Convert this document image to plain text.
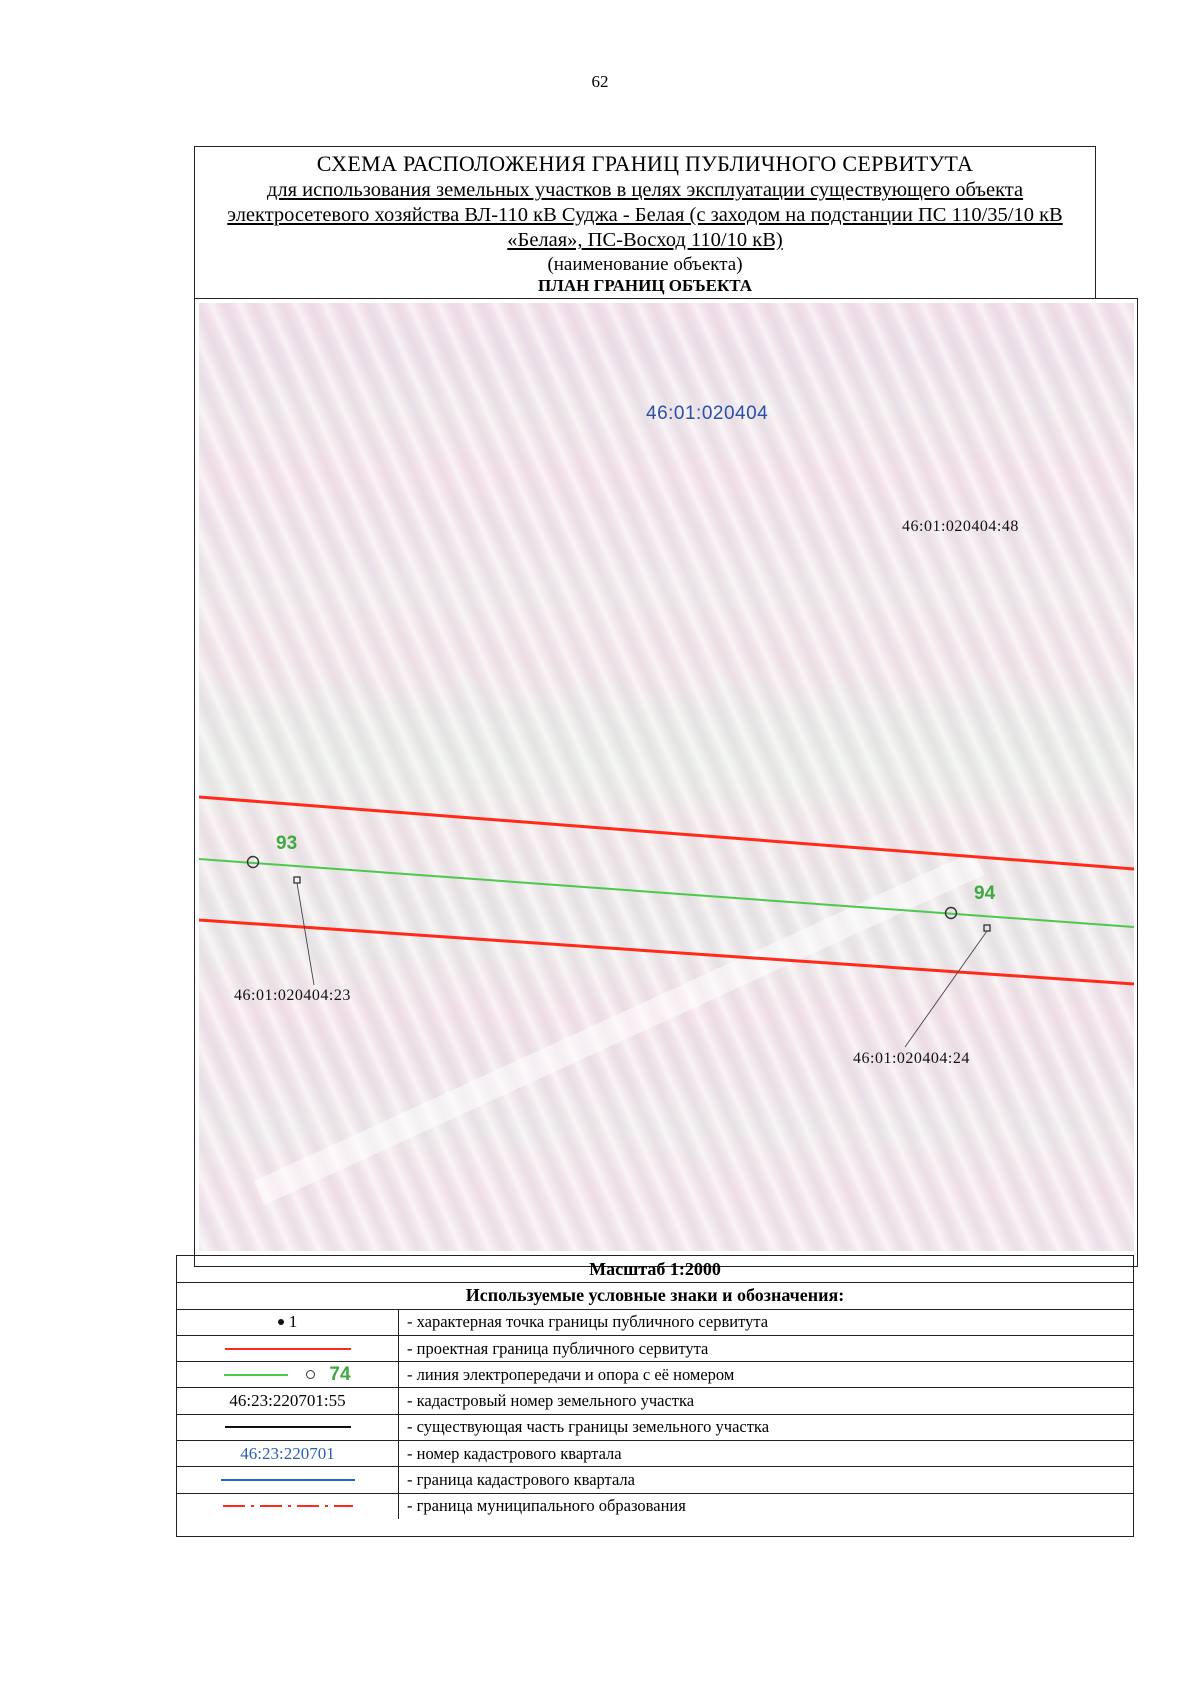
62
СХЕМА РАСПОЛОЖЕНИЯ ГРАНИЦ ПУБЛИЧНОГО СЕРВИТУТА
для использования земельных участков в целях эксплуатации существующего объекта электросетевого хозяйства ВЛ-110 кВ Суджа - Белая (с заходом на подстанции ПС 110/35/10 кВ «Белая», ПС-Восход 110/10 кВ)
(наименование объекта)
ПЛАН ГРАНИЦ ОБЪЕКТА
46:01:020404
46:01:020404:48
46:01:020404:23
46:01:020404:24
93
94
Масштаб 1:2000
Используемые условные знаки и обозначения:
1	- характерная точка границы публичного сервитута
- проектная граница публичного сервитута
74	- линия электропередачи и опора с её номером
46:23:220701:55	- кадастровый номер земельного участка
- существующая часть границы земельного участка
46:23:220701	- номер кадастрового квартала
- граница кадастрового квартала
- граница муниципального образования
